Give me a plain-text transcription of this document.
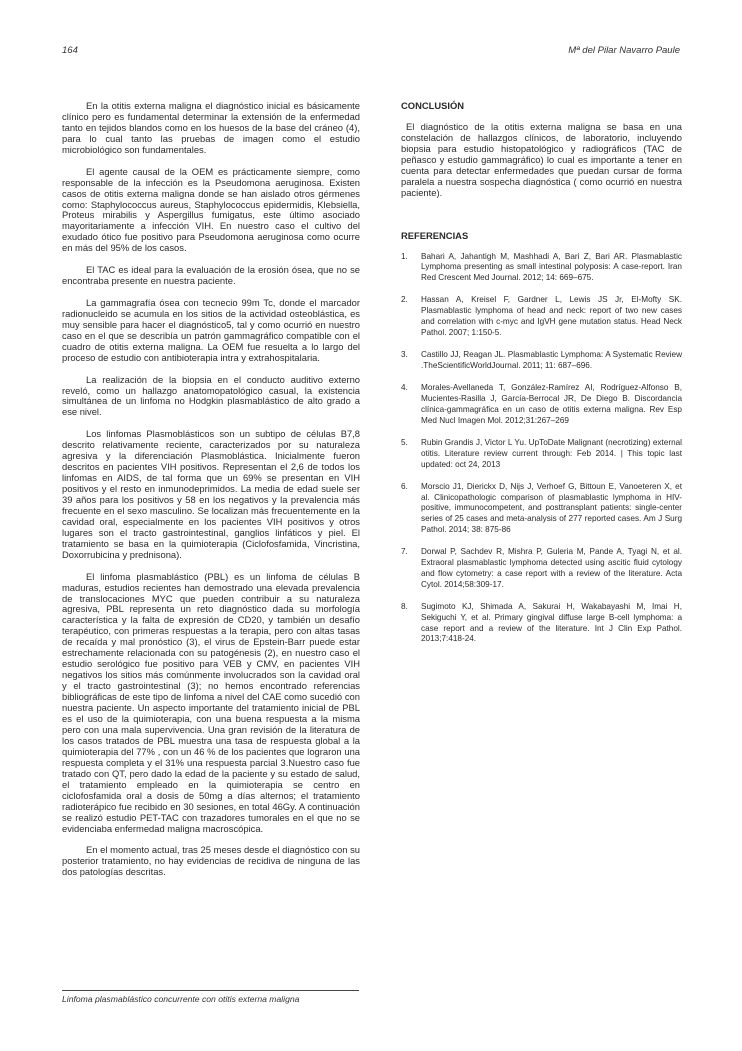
164	Mª del Pilar Navarro Paule

En la otitis externa maligna el diagnóstico inicial es básicamente clínico pero es fundamental determinar la extensión de la enfermedad tanto en tejidos blandos como en los huesos de la base del cráneo (4), para lo cual tanto las pruebas de imagen como el estudio microbiológico son fundamentales.

El agente causal de la OEM es prácticamente siempre, como responsable de la infección es la Pseudomona aeruginosa. Existen casos de otitis externa maligna donde se han aislado otros gérmenes como: Staphylococcus aureus, Staphylococcus epidermidis, Klebsiella, Proteus mirabilis y Aspergillus fumigatus, este último asociado mayoritariamente a infección VIH. En nuestro caso el cultivo del exudado ótico fue positivo para Pseudomona aeruginosa como ocurre en más del 95% de los casos.

El TAC es ideal para la evaluación de la erosión ósea, que no se encontraba presente en nuestra paciente.

La gammagrafía ósea con tecnecio 99m Tc, donde el marcador radionucleido se acumula en los sitios de la actividad osteoblástica, es muy sensible para hacer el diagnóstico5, tal y como ocurrió en nuestro caso en el que se describía un patrón gammagráfico compatible con el cuadro de otitis externa maligna. La OEM fue resuelta a lo largo del proceso de estudio con antibioterapia intra y extrahospitalaria.

La realización de la biopsia en el conducto auditivo externo reveló, como un hallazgo anatomopatológico casual, la existencia simultánea de un linfoma no Hodgkin plasmablástico de alto grado a ese nivel.

Los linfomas Plasmoblásticos son un subtipo de células B7,8 descrito relativamente reciente, caracterizados por su naturaleza agresiva y la diferenciación Plasmoblástica. Inicialmente fueron descritos en pacientes VIH positivos. Representan el 2,6 de todos los linfomas en AIDS, de tal forma que un 69% se presentan en VIH positivos y el resto en inmunodeprimidos. La media de edad suele ser 39 años para los positivos y 58 en los negativos y la prevalencia más frecuente en el sexo masculino. Se localizan más frecuentemente en la cavidad oral, especialmente en los pacientes VIH positivos y otros lugares son el tracto gastrointestinal, ganglios linfáticos y piel. El tratamiento se basa en la quimioterapia (Ciclofosfamida, Vincristina, Doxorrubicina y prednisona).

El linfoma plasmablástico (PBL) es un linfoma de células B maduras, estudios recientes han demostrado una elevada prevalencia de translocaciones MYC que pueden contribuir a su naturaleza agresiva, PBL representa un reto diagnóstico dada su morfología característica y la falta de expresión de CD20, y también un desafío terapéutico, con primeras respuestas a la terapia, pero con altas tasas de recaída y mal pronóstico (3), el virus de Epstein-Barr puede estar estrechamente relacionada con su patogénesis (2), en nuestro caso el estudio serológico fue positivo para VEB y CMV, en pacientes VIH negativos los sitios más comúnmente involucrados son la cavidad oral y el tracto gastrointestinal (3); no hemos encontrado referencias bibliográficas de este tipo de linfoma a nivel del CAE como sucedió con nuestra paciente. Un aspecto importante del tratamiento inicial de PBL es el uso de la quimioterapia, con una buena respuesta a la misma pero con una mala supervivencia. Una gran revisión de la literatura de los casos tratados de PBL muestra una tasa de respuesta global a la quimioterapia del 77% , con un 46 % de los pacientes que lograron una respuesta completa y el 31% una respuesta parcial 3.Nuestro caso fue tratado con QT, pero dado la edad de la paciente y su estado de salud, el tratamiento empleado en la quimioterapia se centro en ciclofosfamida oral a dosis de 50mg a días alternos; el tratamiento radioterápico fue recibido en 30 sesiones, en total 46Gy. A continuación se realizó estudio PET-TAC con trazadores tumorales en el que no se evidenciaba enfermedad maligna macroscópica.

En el momento actual, tras 25 meses desde el diagnóstico con su posterior tratamiento, no hay evidencias de recidiva de ninguna de las dos patologías descritas.

CONCLUSIÓN

El diagnóstico de la otitis externa maligna se basa en una constelación de hallazgos clínicos, de laboratorio, incluyendo biopsia para estudio histopatológico y radiográficos (TAC de peñasco y estudio gammagráfico) lo cual es importante a tener en cuenta para detectar enfermedades que puedan cursar de forma paralela a nuestra sospecha diagnóstica ( como ocurrió en nuestra paciente).

REFERENCIAS
1.	Bahari A, Jahantigh M, Mashhadi A, Bari Z, Bari AR. Plasmablastic Lymphoma presenting as small intestinal polyposis: A case-report. Iran Red Crescent Med Journal. 2012; 14: 669–675.
2.	Hassan A, Kreisel F, Gardner L, Lewis JS Jr, El-Mofty SK. Plasmablastic lymphoma of head and neck: report of two new cases and correlation with c-myc and IgVH gene mutation status. Head Neck Pathol. 2007; 1:150-5.
3.	Castillo JJ, Reagan JL. Plasmablastic Lymphoma: A Systematic Review .TheScientificWorldJournal. 2011; 11: 687–696.
4.	Morales-Avellaneda T, González-Ramírez AI, Rodríguez-Alfonso B, Mucientes-Rasilla J, García-Berrocal JR, De Diego B. Discordancia clínica-gammagráfica en un caso de otitis externa maligna. Rev Esp Med Nucl Imagen Mol. 2012;31:267–269
5.	Rubin Grandis J, Victor L Yu. UpToDate Malignant (necrotizing) external otitis. Literature review current through: Feb 2014. | This topic last updated: oct 24, 2013
6.	Morscio J1, Dierickx D, Nijs J, Verhoef G, Bittoun E, Vanoeteren X, et al. Clinicopathologic comparison of plasmablastic lymphoma in HIV-positive, immunocompetent, and posttransplant patients: single-center series of 25 cases and meta-analysis of 277 reported cases. Am J Surg Pathol. 2014; 38: 875-86
7.	Dorwal P, Sachdev R, Mishra P, Guleria M, Pande A, Tyagi N, et al. Extraoral plasmablastic lymphoma detected using ascitic fluid cytology and flow cytometry: a case report with a review of the literature. Acta Cytol. 2014;58:309-17.
8.	Sugimoto KJ, Shimada A, Sakurai H, Wakabayashi M, Imai H, Sekiguchi Y, et al. Primary gingival diffuse large B-cell lymphoma: a case report and a review of the literature. Int J Clin Exp Pathol. 2013;7:418-24.
Linfoma plasmablástico concurrente con otitis externa maligna
